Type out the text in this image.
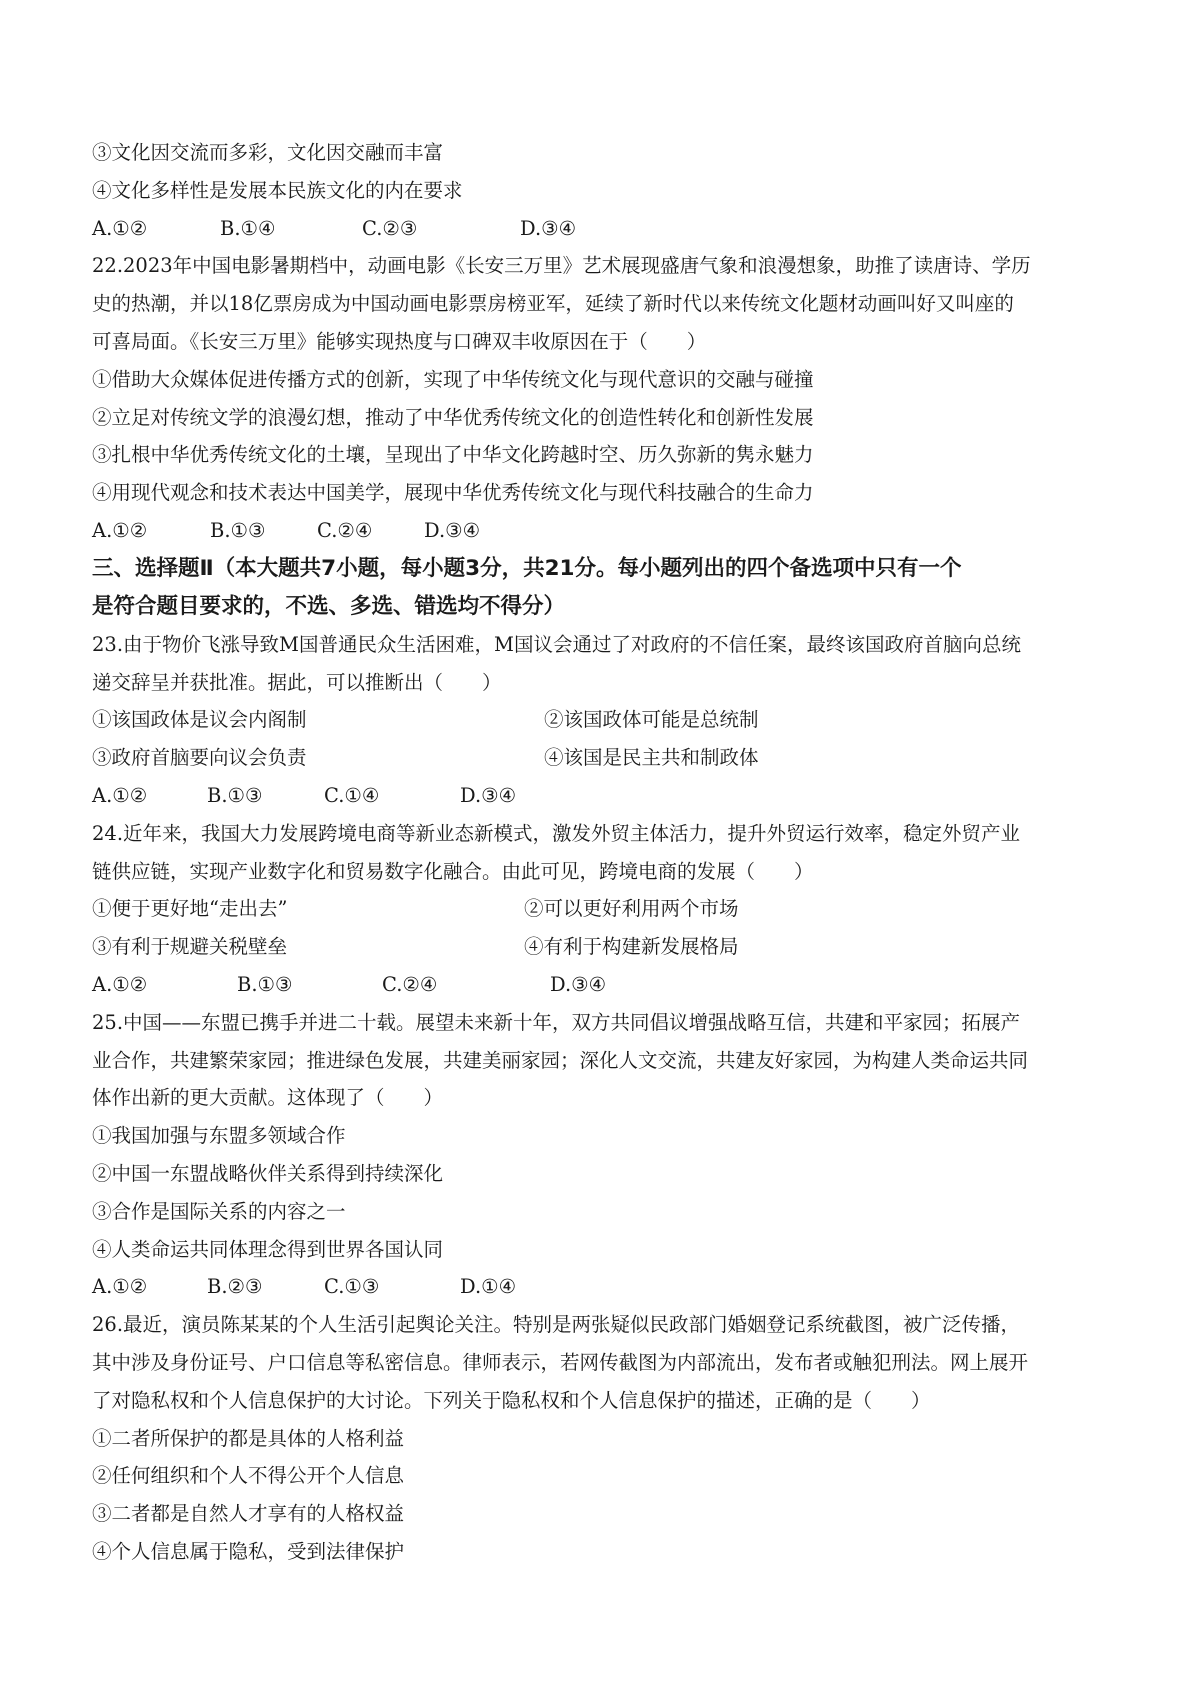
③文化因交流而多彩，文化因交融而丰富
④文化多样性是发展本民族文化的内在要求
A.①②	B.①④	C.②③	D.③④
22.2023年中国电影暑期档中，动画电影《长安三万里》艺术展现盛唐气象和浪漫想象，助推了读唐诗、学历
史的热潮，并以18亿票房成为中国动画电影票房榜亚军，延续了新时代以来传统文化题材动画叫好又叫座的
可喜局面。《长安三万里》能够实现热度与口碑双丰收原因在于（　　）
①借助大众媒体促进传播方式的创新，实现了中华传统文化与现代意识的交融与碰撞
②立足对传统文学的浪漫幻想，推动了中华优秀传统文化的创造性转化和创新性发展
③扎根中华优秀传统文化的土壤，呈现出了中华文化跨越时空、历久弥新的隽永魅力
④用现代观念和技术表达中国美学，展现中华优秀传统文化与现代科技融合的生命力
A.①②	B.①③	C.②④	D.③④
三、选择题Ⅱ（本大题共7小题，每小题3分，共21分。每小题列出的四个备选项中只有一个
是符合题目要求的，不选、多选、错选均不得分）
23.由于物价飞涨导致M国普通民众生活困难，M国议会通过了对政府的不信任案，最终该国政府首脑向总统
递交辞呈并获批准。据此，可以推断出（　　）
①该国政体是议会内阁制	②该国政体可能是总统制
③政府首脑要向议会负责	④该国是民主共和制政体
A.①②	B.①③	C.①④	D.③④
24.近年来，我国大力发展跨境电商等新业态新模式，激发外贸主体活力，提升外贸运行效率，稳定外贸产业
链供应链，实现产业数字化和贸易数字化融合。由此可见，跨境电商的发展（　　）
①便于更好地“走出去”	②可以更好利用两个市场
③有利于规避关税壁垒	④有利于构建新发展格局
A.①②	B.①③	C.②④	D.③④
25.中国——东盟已携手并进二十载。展望未来新十年，双方共同倡议增强战略互信，共建和平家园；拓展产
业合作，共建繁荣家园；推进绿色发展，共建美丽家园；深化人文交流，共建友好家园，为构建人类命运共同
体作出新的更大贡献。这体现了（　　）
①我国加强与东盟多领域合作
②中国一东盟战略伙伴关系得到持续深化
③合作是国际关系的内容之一
④人类命运共同体理念得到世界各国认同
A.①②	B.②③	C.①③	D.①④
26.最近，演员陈某某的个人生活引起舆论关注。特别是两张疑似民政部门婚姻登记系统截图，被广泛传播，
其中涉及身份证号、户口信息等私密信息。律师表示，若网传截图为内部流出，发布者或触犯刑法。网上展开
了对隐私权和个人信息保护的大讨论。下列关于隐私权和个人信息保护的描述，正确的是（　　）
①二者所保护的都是具体的人格利益
②任何组织和个人不得公开个人信息
③二者都是自然人才享有的人格权益
④个人信息属于隐私，受到法律保护
